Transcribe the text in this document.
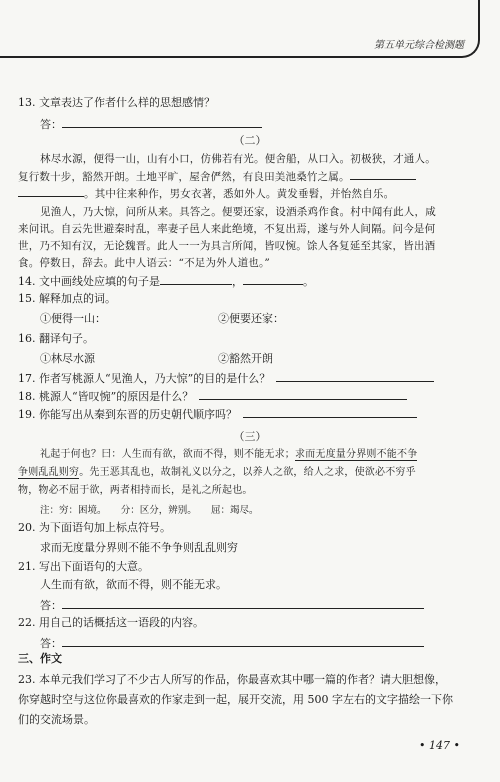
第五单元综合检测题
13. 文章表达了作者什么样的思想感情？
答：
（二）
林尽水源，便得一山，山有小口，仿佛若有光。便舍船，从口入。初极狭，才通人。
复行数十步，豁然开朗。土地平旷，屋舍俨然，有良田美池桑竹之属。
。其中往来种作，男女衣著，悉如外人。黄发垂髫，并怡然自乐。
见渔人，乃大惊，问所从来。具答之。便要还家，设酒杀鸡作食。村中闻有此人，咸
来问讯。自云先世避秦时乱，率妻子邑人来此绝境，不复出焉，遂与外人间隔。问今是何
世，乃不知有汉，无论魏晋。此人一一为具言所闻，皆叹惋。馀人各复延至其家，皆出酒
食。停数日，辞去。此中人语云：“不足为外人道也。”
14. 文中画线处应填的句子是	，	。
15. 解释加点的词。
①便得一山：	②便要还家：
16. 翻译句子。
①林尽水源	②豁然开朗
17. 作者写桃源人“见渔人，乃大惊”的目的是什么？
18. 桃源人“皆叹惋”的原因是什么？
19. 你能写出从秦到东晋的历史朝代顺序吗？
（三）
礼起于何也？曰：人生而有欲，欲而不得，则不能无求；求而无度量分界则不能不争
争则乱乱则穷。先王恶其乱也，故制礼义以分之，以养人之欲，给人之求，使欲必不穷乎
物，物必不屈于欲，两者相持而长，是礼之所起也。
注：穷：困境。　　分：区分，辨别。　　屈：竭尽。
20. 为下面语句加上标点符号。
求而无度量分界则不能不争争则乱乱则穷
21. 写出下面语句的大意。
人生而有欲，欲而不得，则不能无求。
答：
22. 用自己的话概括这一语段的内容。
答：
三、作文
23. 本单元我们学习了不少古人所写的作品，你最喜欢其中哪一篇的作者？请大胆想像，
你穿越时空与这位你最喜欢的作家走到一起，展开交流，用 500 字左右的文字描绘一下你
们的交流场景。
• 147 •
